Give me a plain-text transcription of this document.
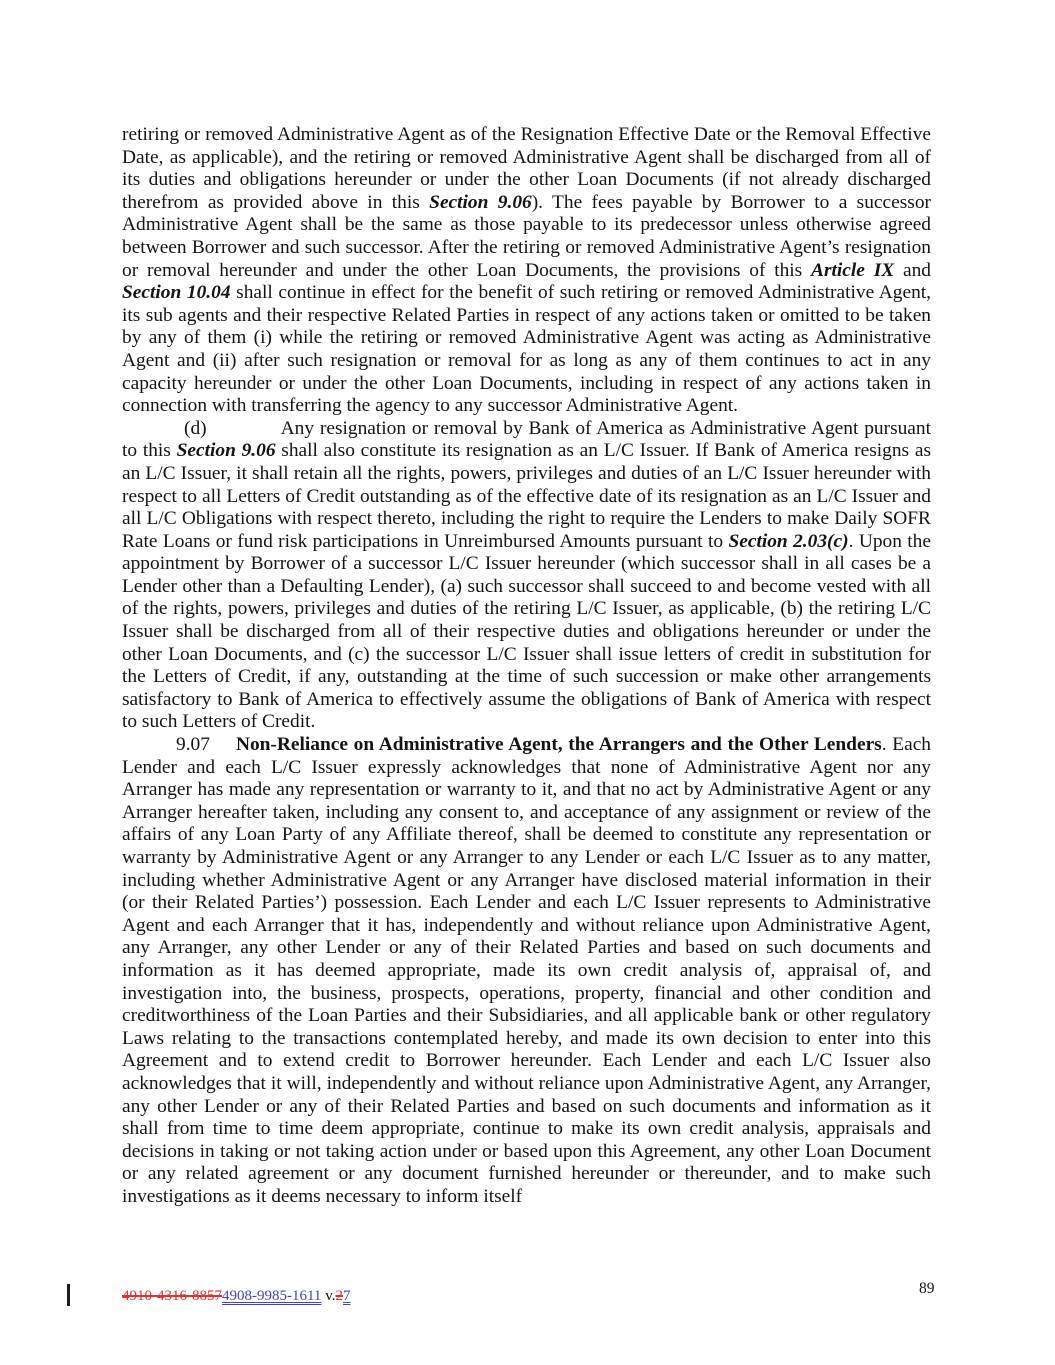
retiring or removed Administrative Agent as of the Resignation Effective Date or the Removal Effective Date, as applicable), and the retiring or removed Administrative Agent shall be discharged from all of its duties and obligations hereunder or under the other Loan Documents (if not already discharged therefrom as provided above in this Section 9.06). The fees payable by Borrower to a successor Administrative Agent shall be the same as those payable to its predecessor unless otherwise agreed between Borrower and such successor. After the retiring or removed Administrative Agent’s resignation or removal hereunder and under the other Loan Documents, the provisions of this Article IX and Section 10.04 shall continue in effect for the benefit of such retiring or removed Administrative Agent, its sub agents and their respective Related Parties in respect of any actions taken or omitted to be taken by any of them (i) while the retiring or removed Administrative Agent was acting as Administrative Agent and (ii) after such resignation or removal for as long as any of them continues to act in any capacity hereunder or under the other Loan Documents, including in respect of any actions taken in connection with transferring the agency to any successor Administrative Agent.

(d)	Any resignation or removal by Bank of America as Administrative Agent pursuant to this Section 9.06 shall also constitute its resignation as an L/C Issuer. If Bank of America resigns as an L/C Issuer, it shall retain all the rights, powers, privileges and duties of an L/C Issuer hereunder with respect to all Letters of Credit outstanding as of the effective date of its resignation as an L/C Issuer and all L/C Obligations with respect thereto, including the right to require the Lenders to make Daily SOFR Rate Loans or fund risk participations in Unreimbursed Amounts pursuant to Section 2.03(c). Upon the appointment by Borrower of a successor L/C Issuer hereunder (which successor shall in all cases be a Lender other than a Defaulting Lender), (a) such successor shall succeed to and become vested with all of the rights, powers, privileges and duties of the retiring L/C Issuer, as applicable, (b) the retiring L/C Issuer shall be discharged from all of their respective duties and obligations hereunder or under the other Loan Documents, and (c) the successor L/C Issuer shall issue letters of credit in substitution for the Letters of Credit, if any, outstanding at the time of such succession or make other arrangements satisfactory to Bank of America to effectively assume the obligations of Bank of America with respect to such Letters of Credit.

9.07 Non-Reliance on Administrative Agent, the Arrangers and the Other Lenders. Each Lender and each L/C Issuer expressly acknowledges that none of Administrative Agent nor any Arranger has made any representation or warranty to it, and that no act by Administrative Agent or any Arranger hereafter taken, including any consent to, and acceptance of any assignment or review of the affairs of any Loan Party of any Affiliate thereof, shall be deemed to constitute any representation or warranty by Administrative Agent or any Arranger to any Lender or each L/C Issuer as to any matter, including whether Administrative Agent or any Arranger have disclosed material information in their (or their Related Parties’) possession. Each Lender and each L/C Issuer represents to Administrative Agent and each Arranger that it has, independently and without reliance upon Administrative Agent, any Arranger, any other Lender or any of their Related Parties and based on such documents and information as it has deemed appropriate, made its own credit analysis of, appraisal of, and investigation into, the business, prospects, operations, property, financial and other condition and creditworthiness of the Loan Parties and their Subsidiaries, and all applicable bank or other regulatory Laws relating to the transactions contemplated hereby, and made its own decision to enter into this Agreement and to extend credit to Borrower hereunder. Each Lender and each L/C Issuer also acknowledges that it will, independently and without reliance upon Administrative Agent, any Arranger, any other Lender or any of their Related Parties and based on such documents and information as it shall from time to time deem appropriate, continue to make its own credit analysis, appraisals and decisions in taking or not taking action under or based upon this Agreement, any other Loan Document or any related agreement or any document furnished hereunder or thereunder, and to make such investigations as it deems necessary to inform itself

4910-4316-88574908-9985-1611 v.27	89
